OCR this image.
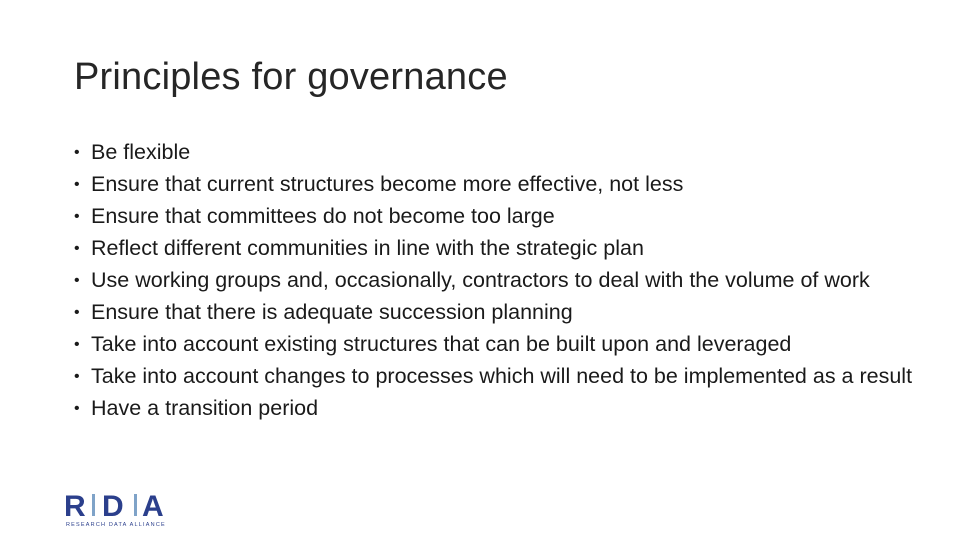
Principles for governance
• Be flexible
• Ensure that current structures become more effective, not less
• Ensure that committees do not become too large
• Reflect different communities in line with the strategic plan
• Use working groups and, occasionally, contractors to deal with the volume of work
• Ensure that there is adequate succession planning
• Take into account existing structures that can be built upon and leveraged
• Take into account changes to processes which will need to be implemented as a result
• Have a transition period
R D A
RESEARCH DATA ALLIANCE
